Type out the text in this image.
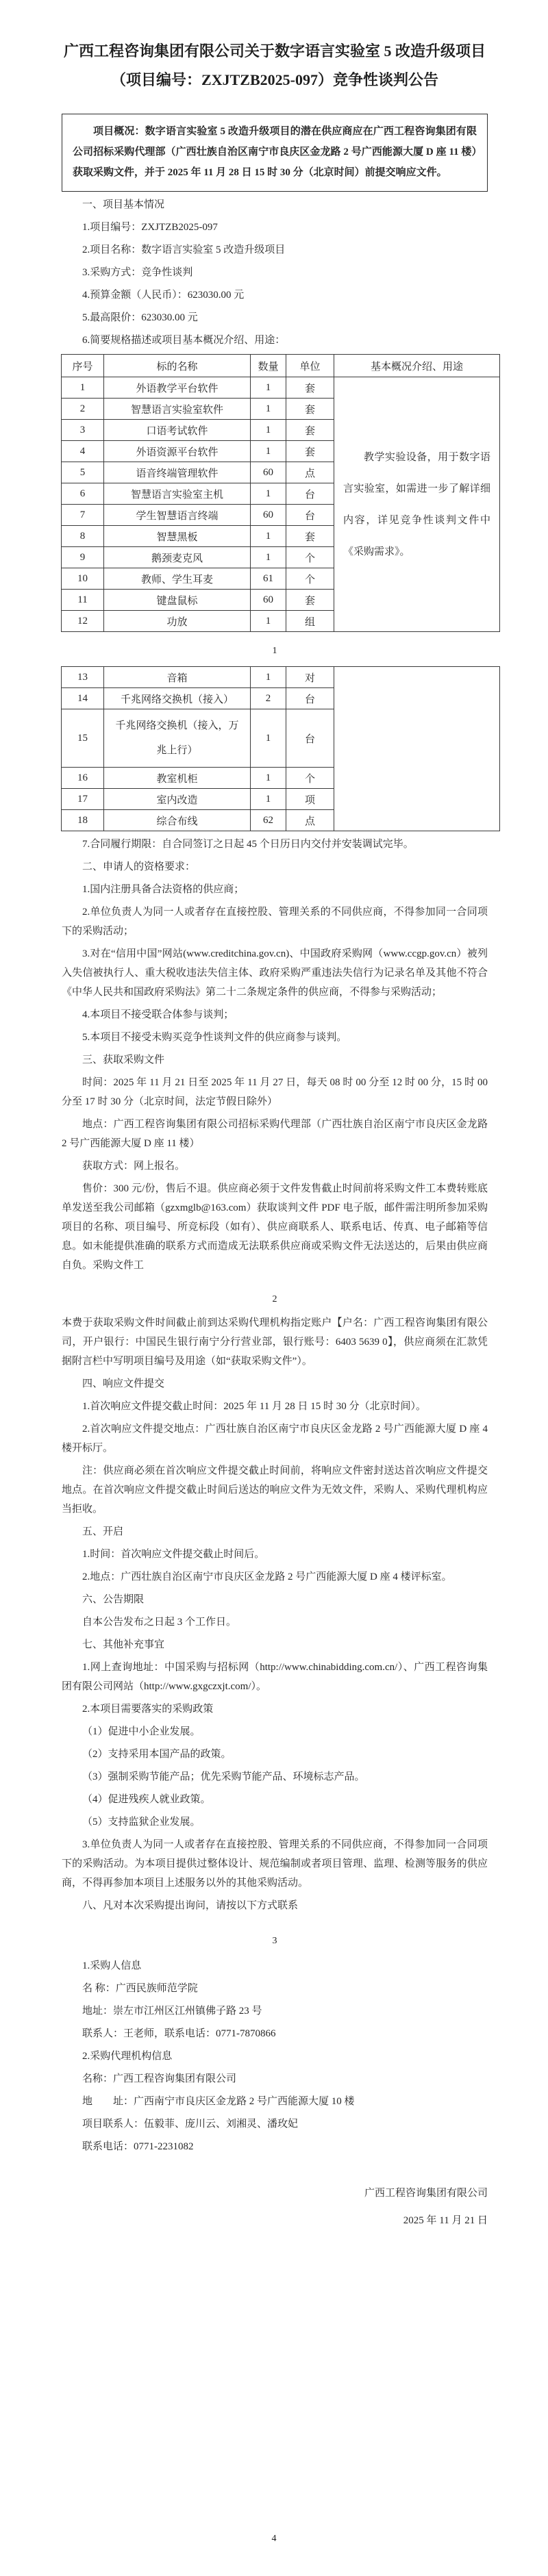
广西工程咨询集团有限公司关于数字语言实验室 5 改造升级项目
（项目编号：ZXJTZB2025-097）竞争性谈判公告

项目概况：数字语言实验室 5 改造升级项目的潜在供应商应在广西工程咨询集团有限公司招标采购代理部（广西壮族自治区南宁市良庆区金龙路 2 号广西能源大厦 D 座 11 楼）获取采购文件，并于 2025 年 11 月 28 日 15 时 30 分（北京时间）前提交响应文件。

一、项目基本情况

1.项目编号：ZXJTZB2025-097

2.项目名称：数字语言实验室 5 改造升级项目

3.采购方式：竞争性谈判

4.预算金额（人民币）：623030.00 元

5.最高限价：623030.00 元

6.简要规格描述或项目基本概况介绍、用途：

序号	标的名称	数量	单位	基本概况介绍、用途
1	外语教学平台软件	1	套	教学实验设备，用于数字语言实验室，如需进一步了解详细内容，详见竞争性谈判文件中《采购需求》。

2	智慧语言实验室软件	1	套	
3	口语考试软件	1	套	
4	外语资源平台软件	1	套	
5	语音终端管理软件	60	点	
6	智慧语言实验室主机	1	台	
7	学生智慧语言终端	60	台	
8	智慧黑板	1	套	
9	鹅颈麦克风	1	个	
10	教师、学生耳麦	61	个	
11	键盘鼠标	60	套	
12	功放	1	组	
1
13	音箱	1	对	
14	千兆网络交换机（接入）	2	台	
15	千兆网络交换机（接入，万兆上行）	1	台	
16	教室机柜	1	个	
17	室内改造	1	项	
18	综合布线	62	点	

7.合同履行期限：自合同签订之日起 45 个日历日内交付并安装调试完毕。

二、申请人的资格要求：

1.国内注册具备合法资格的供应商；

2.单位负责人为同一人或者存在直接控股、管理关系的不同供应商，不得参加同一合同项下的采购活动；

3.对在“信用中国”网站(www.creditchina.gov.cn)、中国政府采购网（www.ccgp.gov.cn）被列入失信被执行人、重大税收违法失信主体、政府采购严重违法失信行为记录名单及其他不符合《中华人民共和国政府采购法》第二十二条规定条件的供应商，不得参与采购活动；

4.本项目不接受联合体参与谈判；

5.本项目不接受未购买竞争性谈判文件的供应商参与谈判。

三、获取采购文件

时间：2025 年 11 月 21 日至 2025 年 11 月 27 日，每天 08 时 00 分至 12 时 00 分，15 时 00 分至 17 时 30 分（北京时间，法定节假日除外）

地点：广西工程咨询集团有限公司招标采购代理部（广西壮族自治区南宁市良庆区金龙路 2 号广西能源大厦 D 座 11 楼）

获取方式：网上报名。

售价：300 元/份，售后不退。供应商必须于文件发售截止时间前将采购文件工本费转账底单发送至我公司邮箱（gzxmglb@163.com）获取谈判文件 PDF 电子版，邮件需注明所参加采购项目的名称、项目编号、所竞标段（如有）、供应商联系人、联系电话、传真、电子邮箱等信息。如未能提供准确的联系方式而造成无法联系供应商或采购文件无法送达的，后果由供应商自负。采购文件工

2

本费于获取采购文件时间截止前到达采购代理机构指定账户【户名：广西工程咨询集团有限公司，开户银行：中国民生银行南宁分行营业部，银行账号：6403 5639 0】，供应商须在汇款凭据附言栏中写明项目编号及用途（如“获取采购文件”）。

四、响应文件提交

1.首次响应文件提交截止时间：2025 年 11 月 28 日 15 时 30 分（北京时间）。

2.首次响应文件提交地点：广西壮族自治区南宁市良庆区金龙路 2 号广西能源大厦 D 座 4 楼开标厅。

注：供应商必须在首次响应文件提交截止时间前，将响应文件密封送达首次响应文件提交地点。在首次响应文件提交截止时间后送达的响应文件为无效文件，采购人、采购代理机构应当拒收。

五、开启

1.时间：首次响应文件提交截止时间后。

2.地点：广西壮族自治区南宁市良庆区金龙路 2 号广西能源大厦 D 座 4 楼评标室。

六、公告期限

自本公告发布之日起 3 个工作日。

七、其他补充事宜

1.网上查询地址：中国采购与招标网（http://www.chinabidding.com.cn/）、广西工程咨询集团有限公司网站（http://www.gxgczxjt.com/）。

2.本项目需要落实的采购政策

（1）促进中小企业发展。

（2）支持采用本国产品的政策。

（3）强制采购节能产品；优先采购节能产品、环境标志产品。

（4）促进残疾人就业政策。

（5）支持监狱企业发展。

3.单位负责人为同一人或者存在直接控股、管理关系的不同供应商，不得参加同一合同项下的采购活动。为本项目提供过整体设计、规范编制或者项目管理、监理、检测等服务的供应商，不得再参加本项目上述服务以外的其他采购活动。

八、凡对本次采购提出询问，请按以下方式联系

3

1.采购人信息

名 称：广西民族师范学院

地址：崇左市江州区江州镇佛子路 23 号

联系人：王老师，联系电话：0771-7870866

2.采购代理机构信息

名称：广西工程咨询集团有限公司

地　　址：广西南宁市良庆区金龙路 2 号广西能源大厦 10 楼

项目联系人：伍毅菲、庞川云、刘湘灵、潘玫妃

联系电话：0771-2231082

广西工程咨询集团有限公司
2025 年 11 月 21 日
4
